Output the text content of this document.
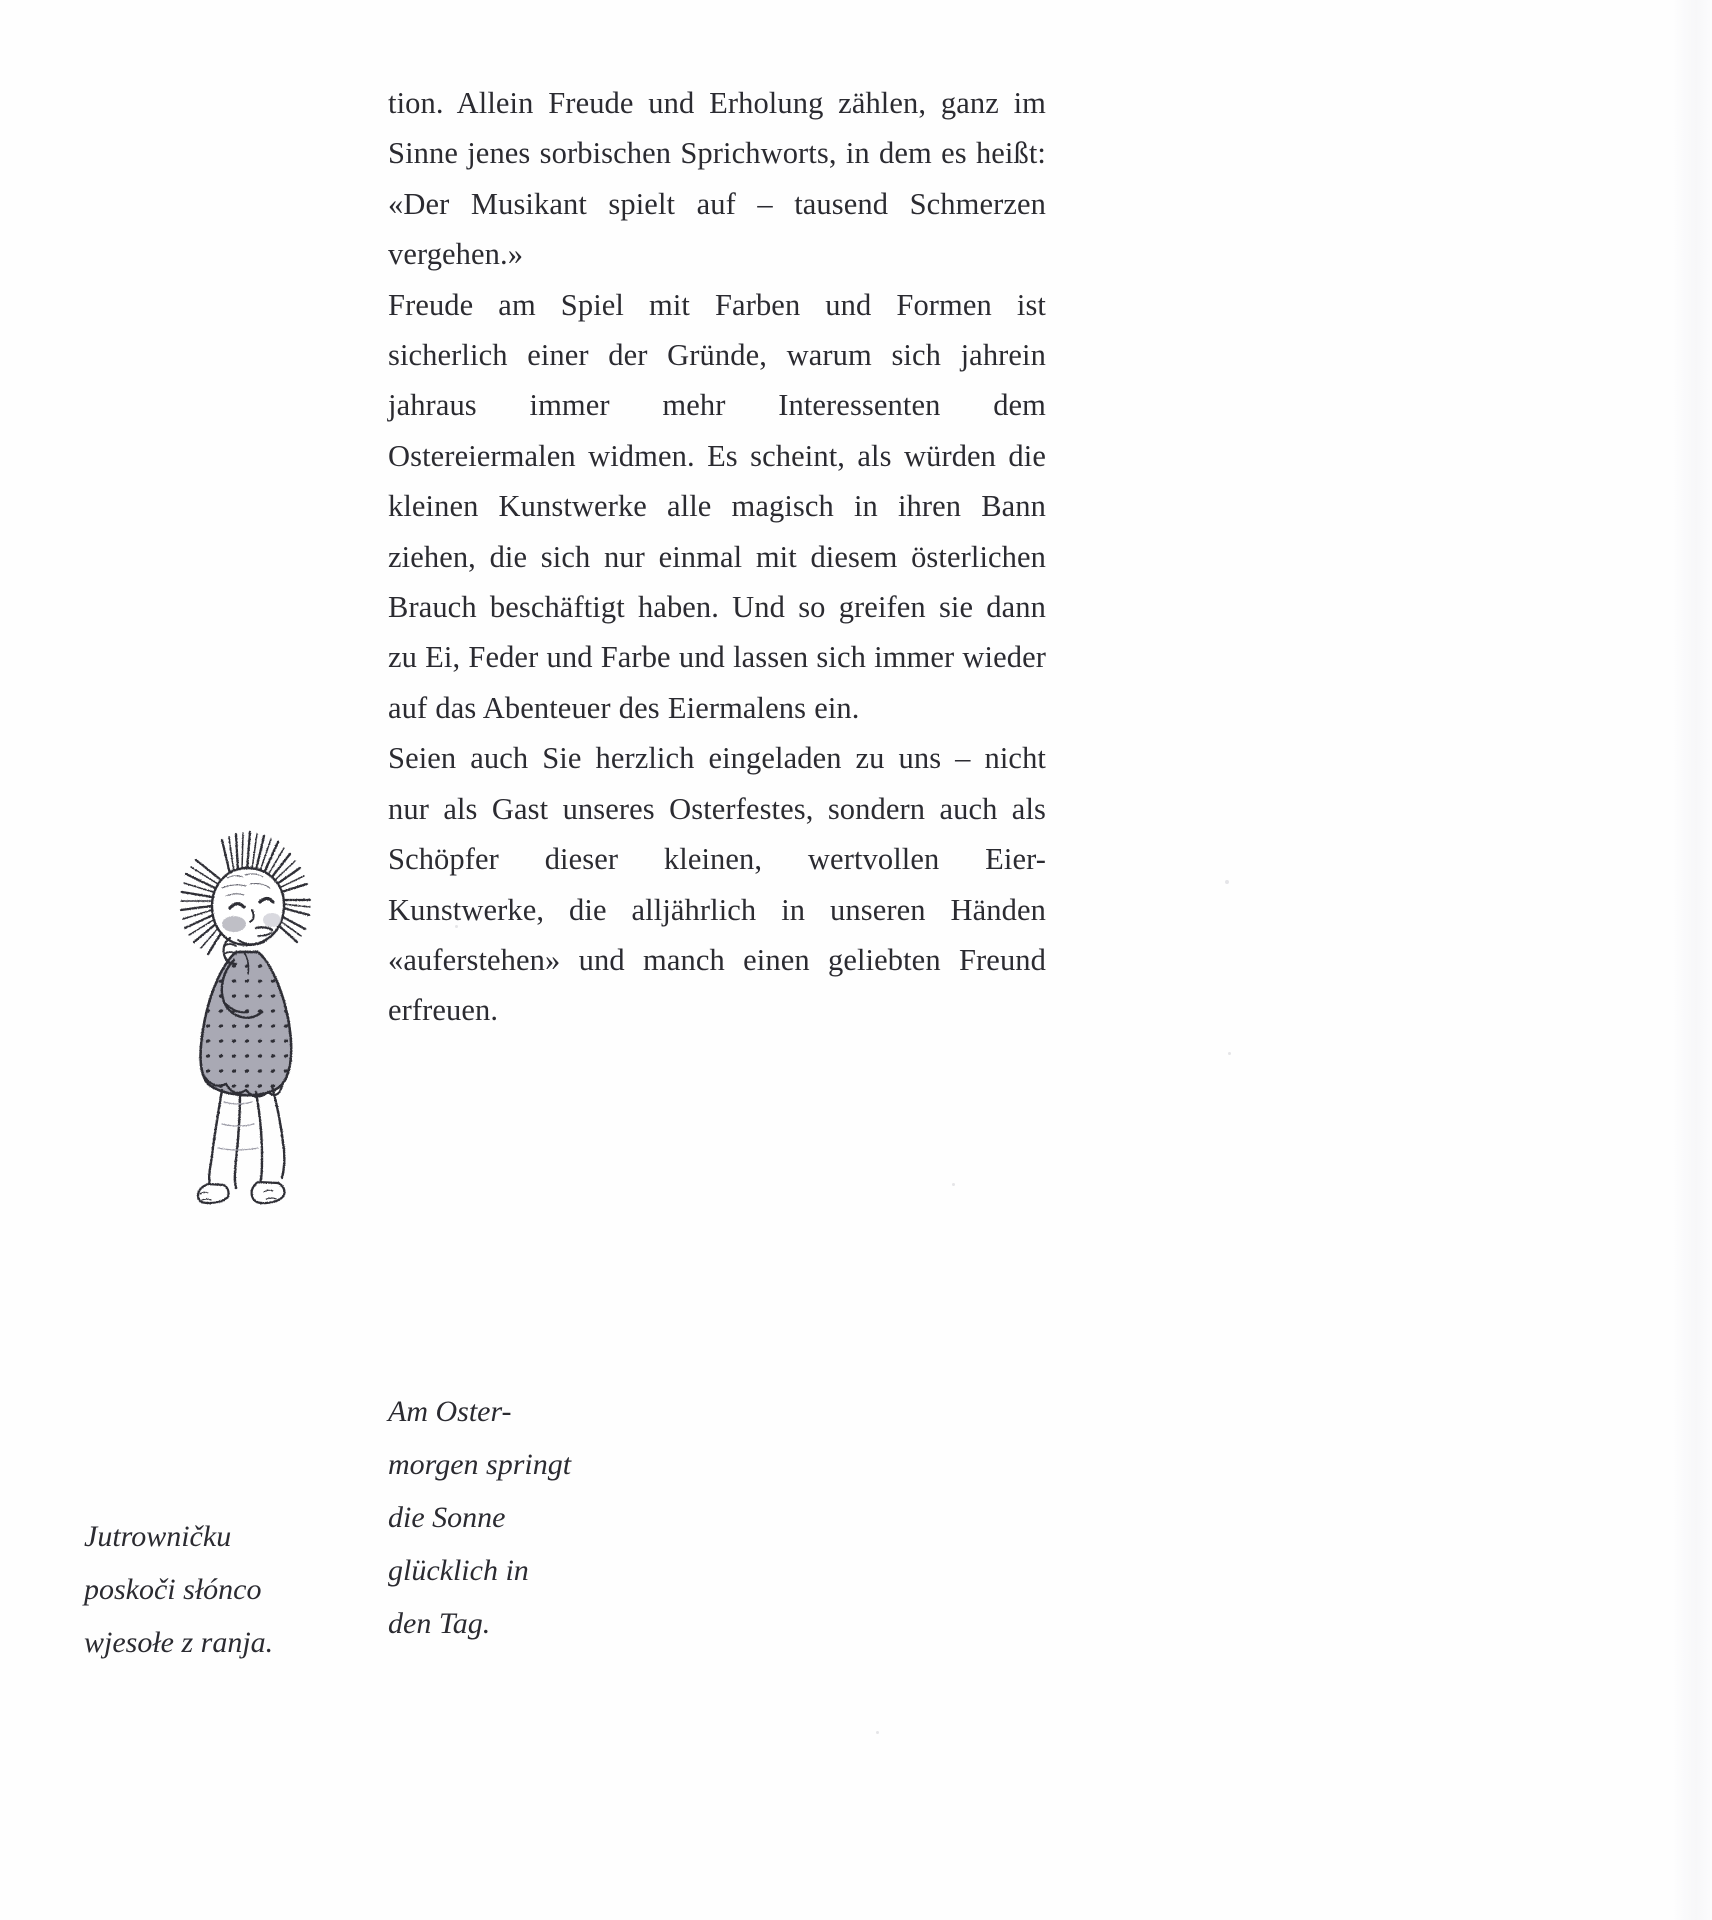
tion. Allein Freude und Erholung zählen, ganz im Sinne jenes sorbischen Sprichworts, in dem es heißt: «Der Musikant spielt auf – tausend Schmerzen vergehen.»

Freude am Spiel mit Farben und Formen ist sicherlich einer der Gründe, warum sich jahrein jahraus immer mehr Interessenten dem Ostereiermalen widmen. Es scheint, als würden die kleinen Kunstwerke alle magisch in ihren Bann ziehen, die sich nur einmal mit diesem österlichen Brauch beschäftigt haben. Und so greifen sie dann zu Ei, Feder und Farbe und lassen sich immer wieder auf das Abenteuer des Eiermalens ein.

Seien auch Sie herzlich eingeladen zu uns – nicht nur als Gast unseres Osterfestes, sondern auch als Schöpfer dieser kleinen, wertvollen Eier-Kunstwerke, die alljährlich in unseren Händen «auferstehen» und manch einen geliebten Freund erfreuen.

Jutrowničku
poskoči słónco
wjesołe z ranja.
Am Oster-
morgen springt
die Sonne
glücklich in
den Tag.
